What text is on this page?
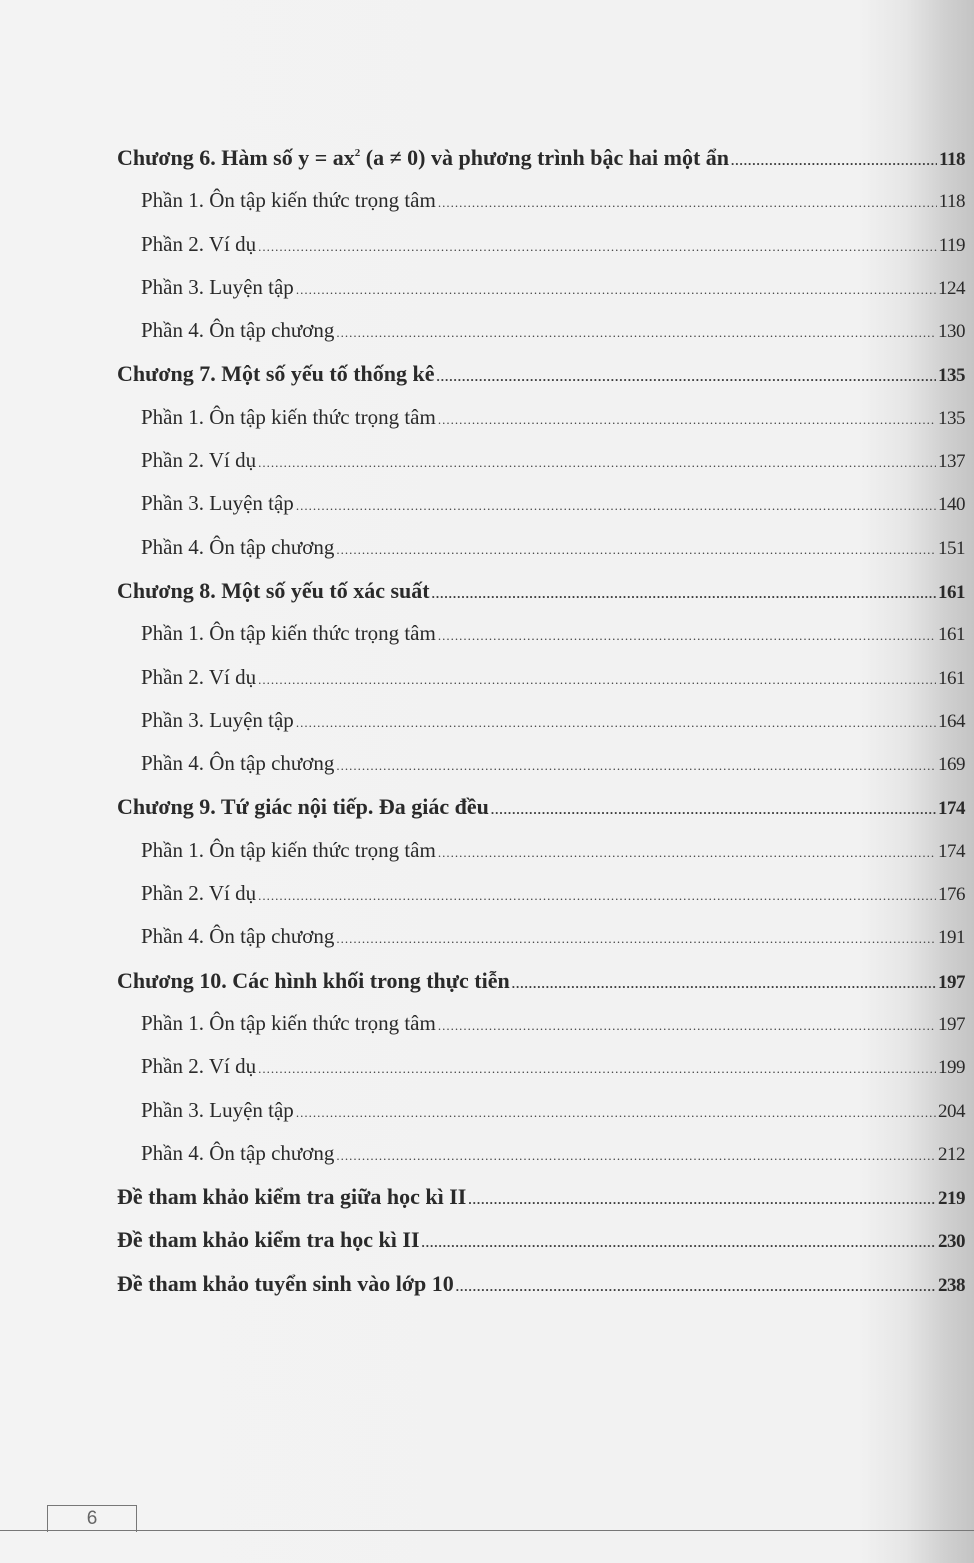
Chương 6. Hàm số $y = ax^2$ (a ≠ 0) và phương trình bậc hai một ẩn .....	118
Phần 1. Ôn tập kiến thức trọng tâm .....	118
Phần 2. Ví dụ .....	119
Phần 3. Luyện tập .....	124
Phần 4. Ôn tập chương .....	130
Chương 7. Một số yếu tố thống kê .....	135
Phần 1. Ôn tập kiến thức trọng tâm .....	135
Phần 2. Ví dụ .....	137
Phần 3. Luyện tập .....	140
Phần 4. Ôn tập chương .....	151
Chương 8. Một số yếu tố xác suất .....	161
Phần 1. Ôn tập kiến thức trọng tâm .....	161
Phần 2. Ví dụ .....	161
Phần 3. Luyện tập .....	164
Phần 4. Ôn tập chương .....	169
Chương 9. Tứ giác nội tiếp. Đa giác đều .....	174
Phần 1. Ôn tập kiến thức trọng tâm .....	174
Phần 2. Ví dụ .....	176
Phần 4. Ôn tập chương .....	191
Chương 10. Các hình khối trong thực tiễn .....	197
Phần 1. Ôn tập kiến thức trọng tâm .....	197
Phần 2. Ví dụ .....	199
Phần 3. Luyện tập .....	204
Phần 4. Ôn tập chương .....	212
Đề tham khảo kiểm tra giữa học kì II .....	219
Đề tham khảo kiểm tra học kì II .....	230
Đề tham khảo tuyển sinh vào lớp 10 .....	238
6
